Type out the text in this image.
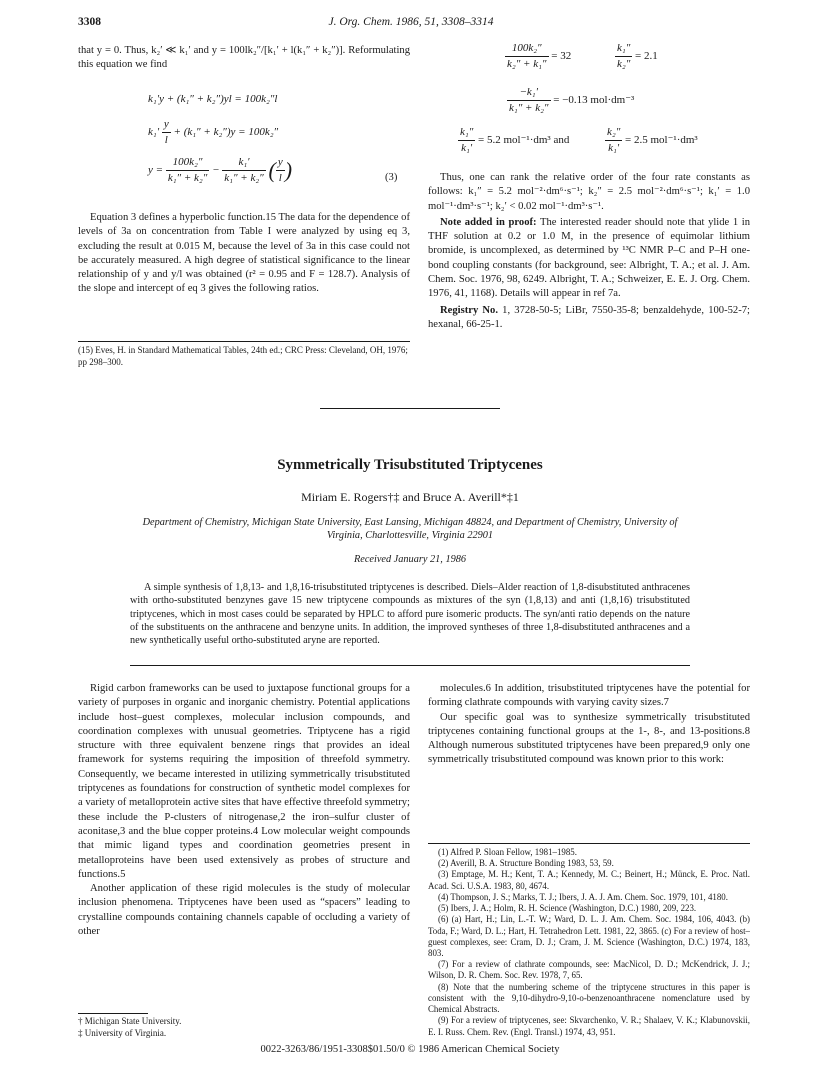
3308	J. Org. Chem. 1986, 51, 3308–3314

that y = 0. Thus, k₂′ ≪ k₁′ and y = 100lk₂″/[k₁′ + l(k₁″ + k₂″)]. Reformulating this equation we find

k₁′y + (k₁″ + k₂″)yl = 100k₂″l
$k_1' \frac{y}{l} + (k_1'' + k_2'')y = 100k_2''$
$y = \frac{\text{100k₂″}}{\text{k₁″ + k₂″}} - \frac{\text{k₁′}}{\text{k₁″ + k₂″}}$ ( $\frac{y}{l}$ )	(3)

Equation 3 defines a hyperbolic function.15 The data for the dependence of levels of 3a on concentration from Table I were analyzed by using eq 3, excluding the result at 0.015 M, because the level of 3a in this case could not be accurately measured. A high degree of statistical significance to the linear relationship of y and y/l was obtained (r² = 0.95 and F = 128.7). Analysis of the slope and intercept of eq 3 gives the following ratios.

(15) Eves, H. in Standard Mathematical Tables, 24th ed.; CRC Press: Cleveland, OH, 1976; pp 298–300.
$\frac{\text{100k₂″}}{\text{k₂″ + k₁″}} = 32$	$\frac{\text{k₁″}}{\text{k₂″}} = 2.1$
$\frac{\text{−k₁′}}{\text{k₁″ + k₂″}} = -0.13$ mol·dm⁻³
$\frac{\text{k₁″}}{\text{k₁′}} = 5.2$ mol⁻¹·dm³ and	$\frac{\text{k₂″}}{\text{k₁′}} = 2.5$ mol⁻¹·dm³

Thus, one can rank the relative order of the four rate constants as follows: k₁″ = 5.2 mol⁻²·dm⁶·s⁻¹; k₂″ = 2.5 mol⁻²·dm⁶·s⁻¹; k₁′ = 1.0 mol⁻¹·dm³·s⁻¹; k₂′ < 0.02 mol⁻¹·dm³·s⁻¹.

Note added in proof: The interested reader should note that ylide 1 in THF solution at 0.2 or 1.0 M, in the presence of equimolar lithium bromide, is uncomplexed, as determined by ¹³C NMR P–C and P–H one-bond coupling constants (for background, see: Albright, T. A.; et al. J. Am. Chem. Soc. 1976, 98, 6249. Albright, T. A.; Schweizer, E. E. J. Org. Chem. 1976, 41, 1168). Details will appear in ref 7a.

Registry No. 1, 3728-50-5; LiBr, 7550-35-8; benzaldehyde, 100-52-7; hexanal, 66-25-1.

Symmetrically Trisubstituted Triptycenes
Miriam E. Rogers†‡ and Bruce A. Averill*‡1
Department of Chemistry, Michigan State University, East Lansing, Michigan 48824, and Department of Chemistry, University of Virginia, Charlottesville, Virginia 22901
Received January 21, 1986
A simple synthesis of 1,8,13- and 1,8,16-trisubstituted triptycenes is described. Diels–Alder reaction of 1,8-disubstituted anthracenes with ortho-substituted benzynes gave 15 new triptycene compounds as mixtures of the syn (1,8,13) and anti (1,8,16) trisubstituted triptycenes, which in most cases could be separated by HPLC to afford pure isomeric products. The syn/anti ratio depends on the nature of the substituents on the anthracene and benzyne units. In addition, the improved syntheses of three 1,8-disubstituted anthracenes and a new synthetically useful ortho-substituted aryne are reported.

Rigid carbon frameworks can be used to juxtapose functional groups for a variety of purposes in organic and inorganic chemistry. Potential applications include host–guest complexes, molecular inclusion compounds, and coordination complexes with unusual geometries. Triptycene has a rigid structure with three equivalent benzene rings that provides an ideal framework for systems requiring the imposition of threefold symmetry. Consequently, we became interested in utilizing symmetrically trisubstituted triptycenes as foundations for construction of synthetic model complexes for a variety of metalloprotein active sites that have effective threefold symmetry; these include the P-clusters of nitrogenase,2 the iron–sulfur cluster of aconitase,3 and the blue copper proteins.4 Low molecular weight compounds that mimic ligand types and coordination geometries present in metalloproteins have been used extensively as probes of structure and functions.5

Another application of these rigid molecules is the study of molecular inclusion phenomena. Triptycenes have been used as “spacers” leading to crystalline compounds containing channels capable of occluding a variety of other

† Michigan State University.
‡ University of Virginia.

molecules.6 In addition, trisubstituted triptycenes have the potential for forming clathrate compounds with varying cavity sizes.7

Our specific goal was to synthesize symmetrically trisubstituted triptycenes containing functional groups at the 1-, 8-, and 13-positions.8 Although numerous substituted triptycenes have been prepared,9 only one symmetrically trisubstituted compound was known prior to this work:

(1) Alfred P. Sloan Fellow, 1981–1985.

(2) Averill, B. A. Structure Bonding 1983, 53, 59.

(3) Emptage, M. H.; Kent, T. A.; Kennedy, M. C.; Beinert, H.; Münck, E. Proc. Natl. Acad. Sci. U.S.A. 1983, 80, 4674.

(4) Thompson, J. S.; Marks, T. J.; Ibers, J. A. J. Am. Chem. Soc. 1979, 101, 4180.

(5) Ibers, J. A.; Holm, R. H. Science (Washington, D.C.) 1980, 209, 223.

(6) (a) Hart, H.; Lin, L.-T. W.; Ward, D. L. J. Am. Chem. Soc. 1984, 106, 4043. (b) Toda, F.; Ward, D. L.; Hart, H. Tetrahedron Lett. 1981, 22, 3865. (c) For a review of host–guest complexes, see: Cram, D. J.; Cram, J. M. Science (Washington, D.C.) 1974, 183, 803.

(7) For a review of clathrate compounds, see: MacNicol, D. D.; McKendrick, J. J.; Wilson, D. R. Chem. Soc. Rev. 1978, 7, 65.

(8) Note that the numbering scheme of the triptycene structures in this paper is consistent with the 9,10-dihydro-9,10-o-benzenoanthracene nomenclature used by Chemical Abstracts.

(9) For a review of triptycenes, see: Skvarchenko, V. R.; Shalaev, V. K.; Klabunovskii, E. I. Russ. Chem. Rev. (Engl. Transl.) 1974, 43, 951.

0022-3263/86/1951-3308$01.50/0 © 1986 American Chemical Society
